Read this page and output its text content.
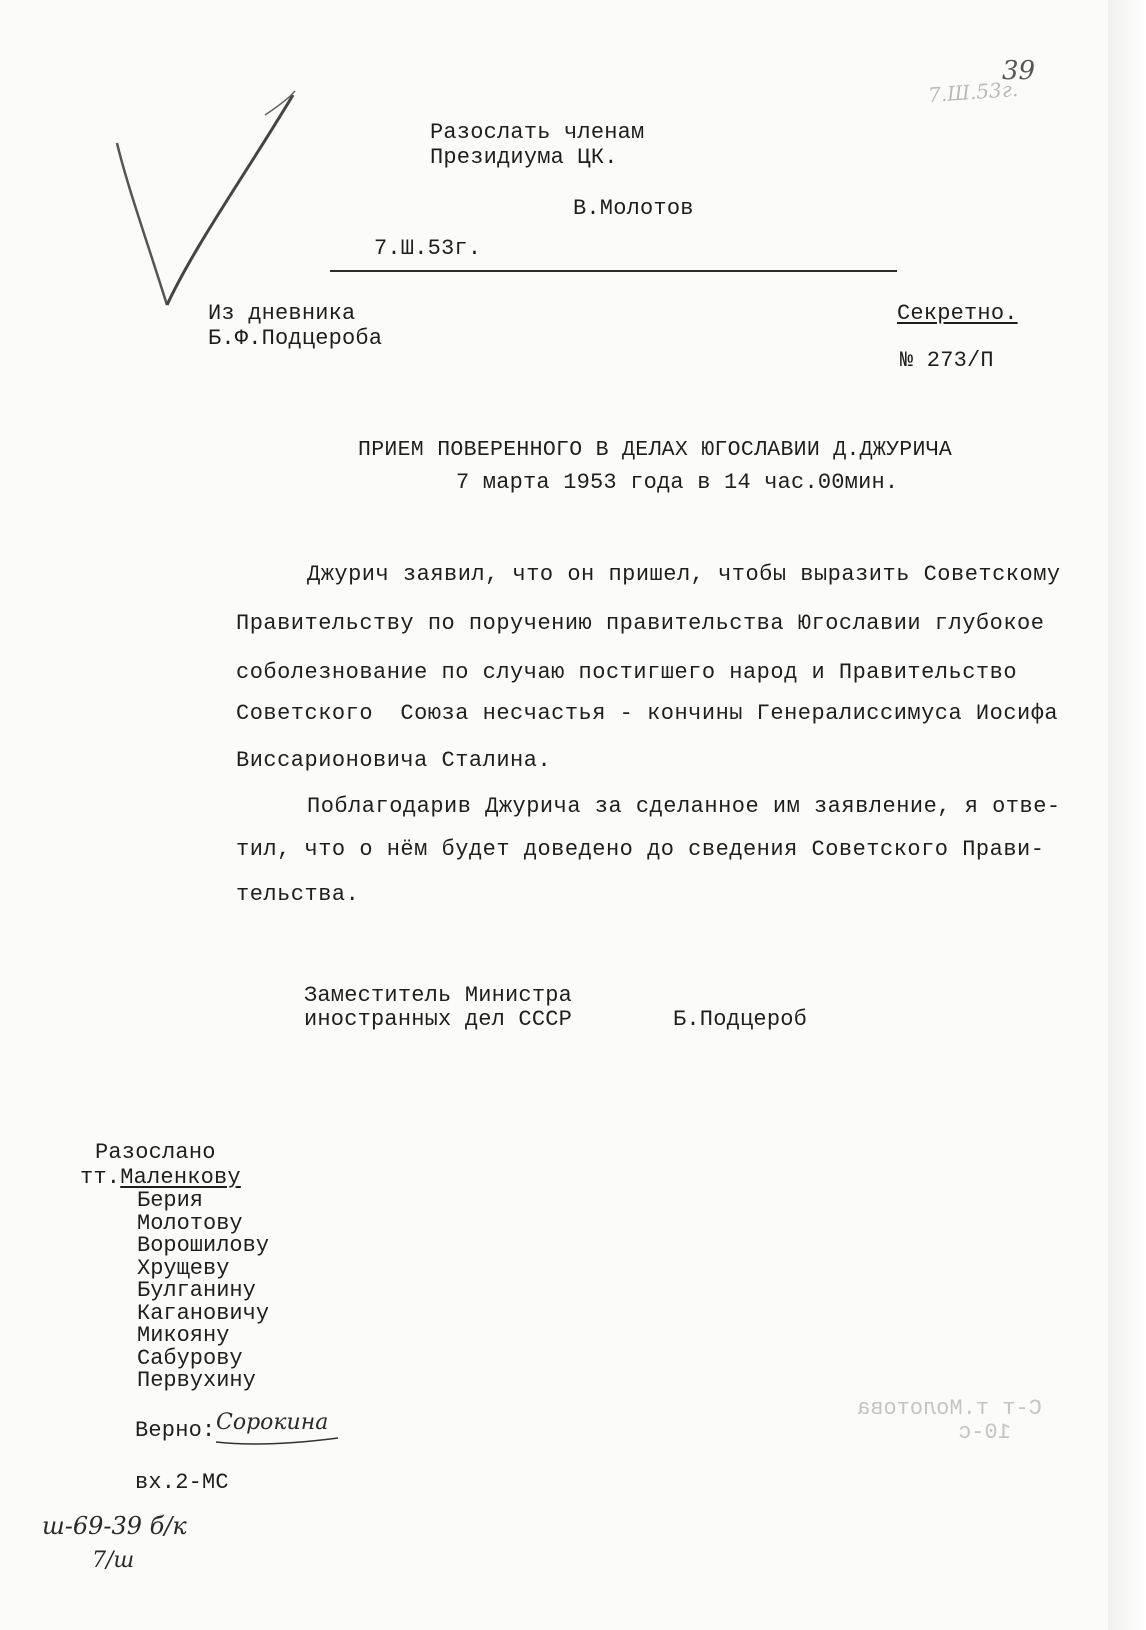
39
7.Ш.53г.
Разослать членам
Президиума ЦК.
В.Молотов
7.Ш.53г.
Из дневника
Б.Ф.Подцероба
Секретно.
№ 273/П
ПРИЕМ ПОВЕРЕННОГО В ДЕЛАХ ЮГОСЛАВИИ Д.ДЖУРИЧА
7 марта 1953 года в 14 час.00мин.
Джурич заявил, что он пришел, чтобы выразить Советскому
Правительству по поручению правительства Югославии глубокое
соболезнование по случаю постигшего народ и Правительство
Советского  Союза несчастья - кончины Генералиссимуса Иосифа
Виссарионовича Сталина.
Поблагодарив Джурича за сделанное им заявление, я отве-
тил, что о нём будет доведено до сведения Советского Прави-
тельства.
Заместитель Министра
иностранных дел СССР	Б.Подцероб
Разослано
тт.Маленкову
Берия
Молотову
Ворошилову
Хрущеву
Булганину
Кагановичу
Микояну
Сабурову
Первухину
Верно: Сорокина
вх.2-МС
С-т т.Молотова
10-с
ш-69-39 б/к
7/ш
